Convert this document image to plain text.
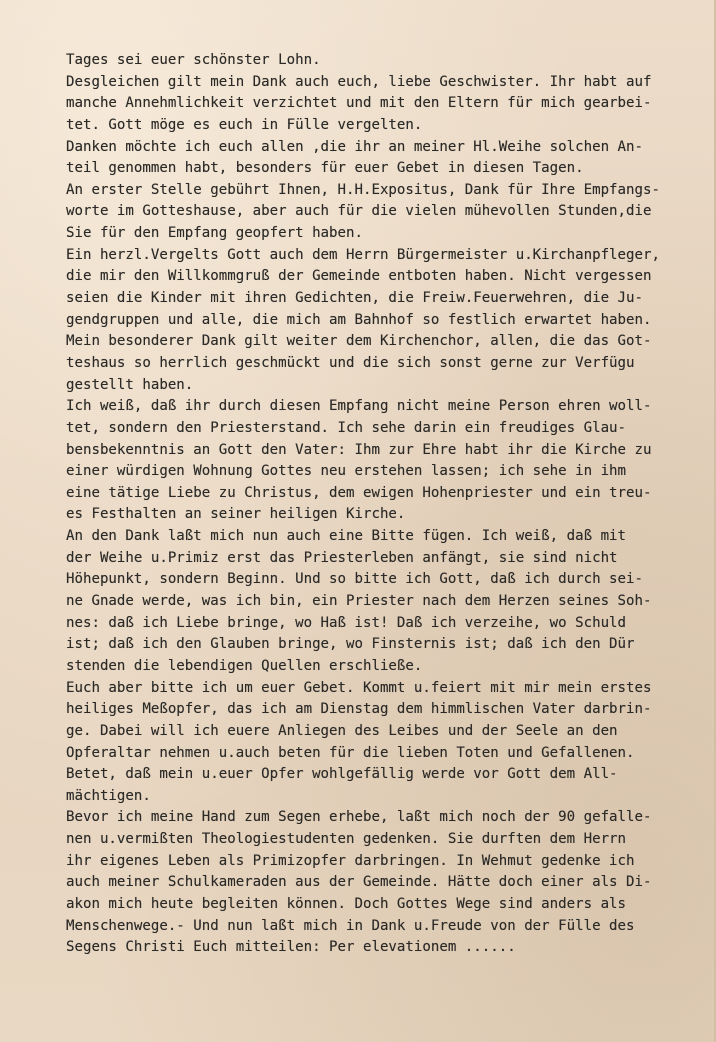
Tages sei euer schönster Lohn.
Desgleichen gilt mein Dank auch euch, liebe Geschwister. Ihr habt auf
manche Annehmlichkeit verzichtet und mit den Eltern für mich gearbei-
tet. Gott möge es euch in Fülle vergelten.
Danken möchte ich euch allen ,die ihr an meiner Hl.Weihe solchen An-
teil genommen habt, besonders für euer Gebet in diesen Tagen.
An erster Stelle gebührt Ihnen, H.H.Expositus, Dank für Ihre Empfangs-
worte im Gotteshause, aber auch für die vielen mühevollen Stunden,die
Sie für den Empfang geopfert haben.
Ein herzl.Vergelts Gott auch dem Herrn Bürgermeister u.Kirchanpfleger,
die mir den Willkommgruß der Gemeinde entboten haben. Nicht vergessen
seien die Kinder mit ihren Gedichten, die Freiw.Feuerwehren, die Ju-
gendgruppen und alle, die mich am Bahnhof so festlich erwartet haben.
Mein besonderer Dank gilt weiter dem Kirchenchor, allen, die das Got-
teshaus so herrlich geschmückt und die sich sonst gerne zur Verfügu
gestellt haben.
Ich weiß, daß ihr durch diesen Empfang nicht meine Person ehren woll-
tet, sondern den Priesterstand. Ich sehe darin ein freudiges Glau-
bensbekenntnis an Gott den Vater: Ihm zur Ehre habt ihr die Kirche zu
einer würdigen Wohnung Gottes neu erstehen lassen; ich sehe in ihm
eine tätige Liebe zu Christus, dem ewigen Hohenpriester und ein treu-
es Festhalten an seiner heiligen Kirche.
An den Dank laßt mich nun auch eine Bitte fügen. Ich weiß, daß mit
der Weihe u.Primiz erst das Priesterleben anfängt, sie sind nicht
Höhepunkt, sondern Beginn. Und so bitte ich Gott, daß ich durch sei-
ne Gnade werde, was ich bin, ein Priester nach dem Herzen seines Soh-
nes: daß ich Liebe bringe, wo Haß ist! Daß ich verzeihe, wo Schuld
ist; daß ich den Glauben bringe, wo Finsternis ist; daß ich den Dür
stenden die lebendigen Quellen erschließe.
Euch aber bitte ich um euer Gebet. Kommt u.feiert mit mir mein erstes
heiliges Meßopfer, das ich am Dienstag dem himmlischen Vater darbrin-
ge. Dabei will ich euere Anliegen des Leibes und der Seele an den
Opferaltar nehmen u.auch beten für die lieben Toten und Gefallenen.
Betet, daß mein u.euer Opfer wohlgefällig werde vor Gott dem All-
mächtigen.
Bevor ich meine Hand zum Segen erhebe, laßt mich noch der 90 gefalle-
nen u.vermißten Theologiestudenten gedenken. Sie durften dem Herrn
ihr eigenes Leben als Primizopfer darbringen. In Wehmut gedenke ich
auch meiner Schulkameraden aus der Gemeinde. Hätte doch einer als Di-
akon mich heute begleiten können. Doch Gottes Wege sind anders als
Menschenwege.- Und nun laßt mich in Dank u.Freude von der Fülle des
Segens Christi Euch mitteilen: Per elevationem ......
